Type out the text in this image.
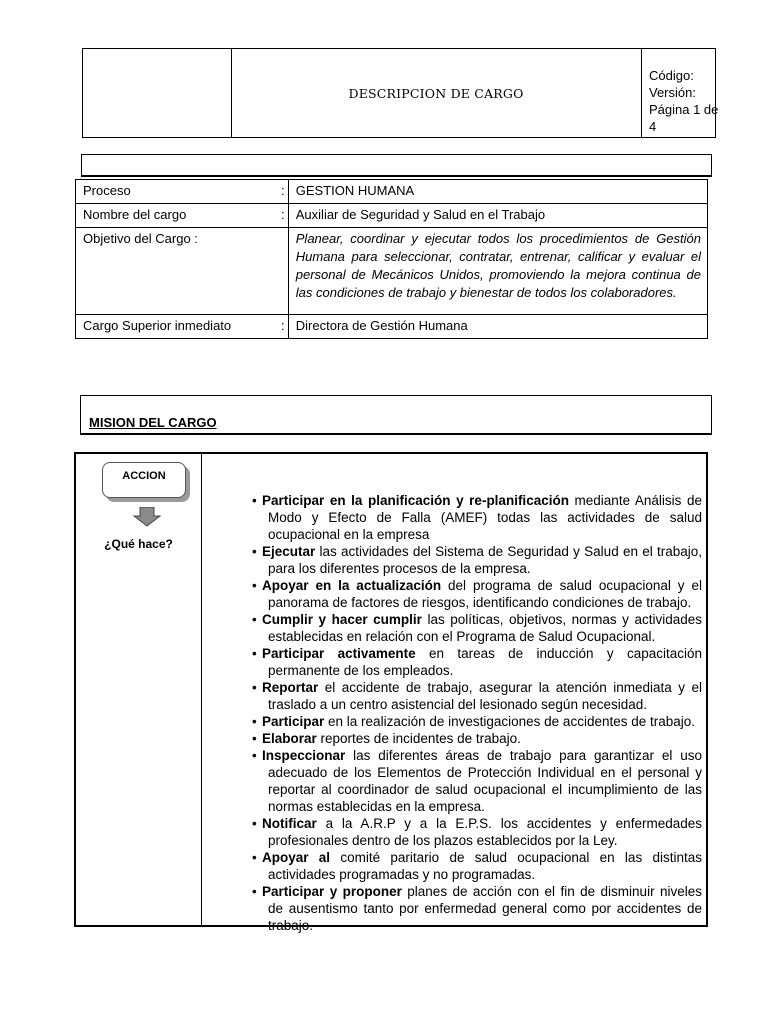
DESCRIPCION DE CARGO
Código:
Versión:
Página 1 de 4
Proceso	:	GESTION HUMANA
Nombre del cargo	:	Auxiliar de Seguridad y Salud en el Trabajo
Objetivo del Cargo :		Planear, coordinar y ejecutar todos los procedimientos de Gestión Humana para seleccionar, contratar, entrenar, calificar y evaluar el personal de Mecánicos Unidos, promoviendo la mejora continua de las condiciones de trabajo y bienestar de todos los colaboradores.
Cargo Superior inmediato	:	Directora de Gestión Humana
MISION DEL CARGO
ACCION
¿Qué hace?
• Participar en la planificación y re-planificación mediante Análisis de Modo y Efecto de Falla (AMEF) todas las actividades de salud ocupacional en la empresa
• Ejecutar las actividades del Sistema de Seguridad y Salud en el trabajo, para los diferentes procesos de la empresa.
• Apoyar en la actualización del programa de salud ocupacional y el panorama de factores de riesgos, identificando condiciones de trabajo.
• Cumplir y hacer cumplir las políticas, objetivos, normas y actividades establecidas en relación con el Programa de Salud Ocupacional.
• Participar activamente en tareas de inducción y capacitación permanente de los empleados.
• Reportar el accidente de trabajo, asegurar la atención inmediata y el traslado a un centro asistencial del lesionado según necesidad.
• Participar en la realización de investigaciones de accidentes de trabajo.
• Elaborar reportes de incidentes de trabajo.
• Inspeccionar las diferentes áreas de trabajo para garantizar el uso adecuado de los Elementos de Protección Individual en el personal y reportar al coordinador de salud ocupacional el incumplimiento de las normas establecidas en la empresa.
• Notificar a la A.R.P y a la E.P.S. los accidentes y enfermedades profesionales dentro de los plazos establecidos por la Ley.
• Apoyar al comité paritario de salud ocupacional en las distintas actividades programadas y no programadas.
• Participar y proponer planes de acción con el fin de disminuir niveles de ausentismo tanto por enfermedad general como por accidentes de trabajo.
